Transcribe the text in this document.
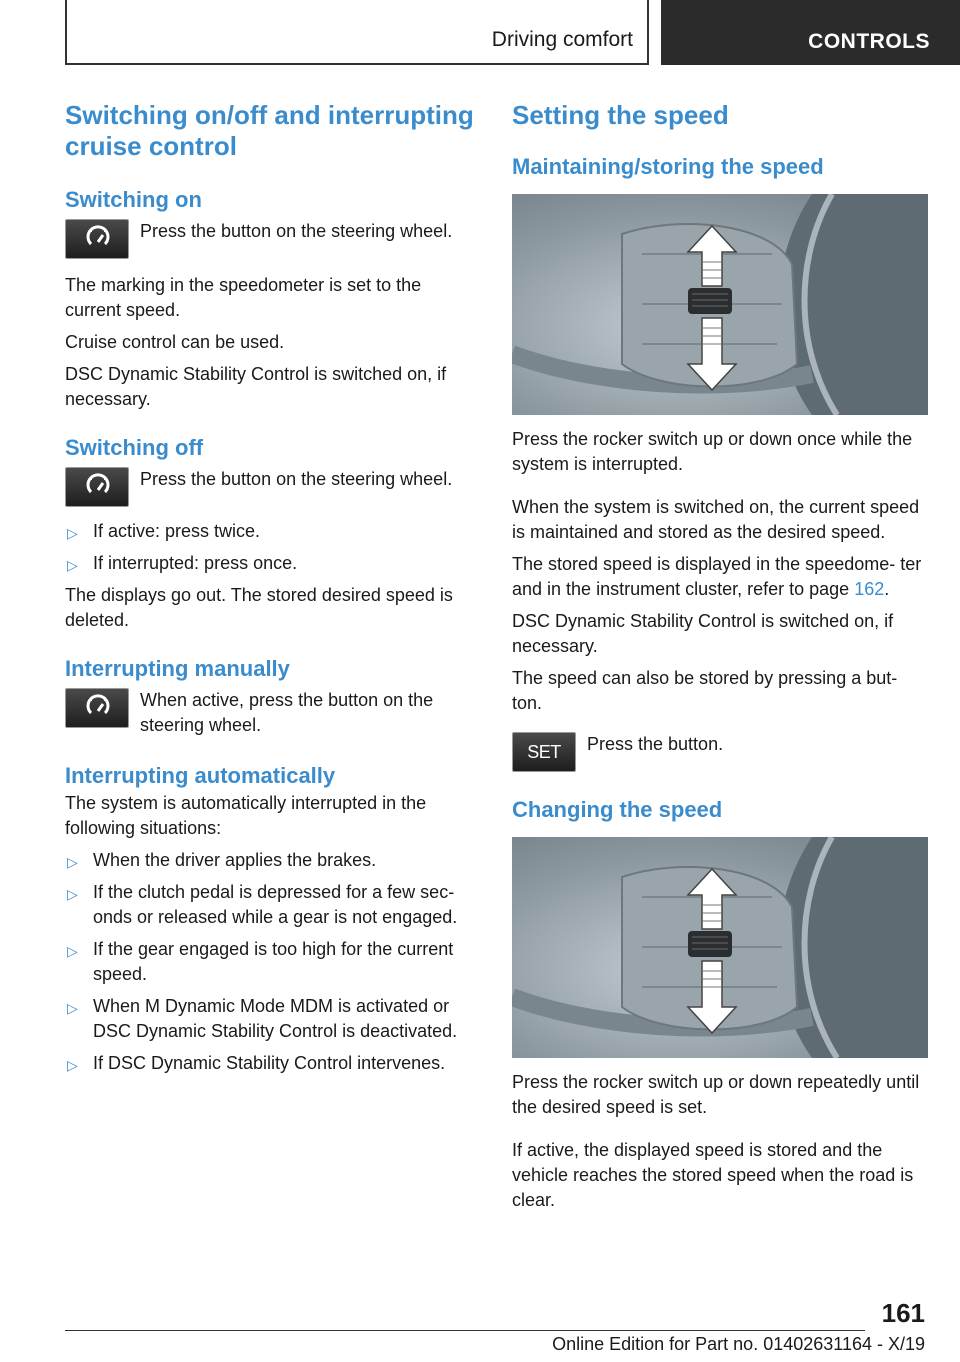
Driving comfort	CONTROLS
Switching on/off and interrupting cruise control
Switching on
Press the button on the steering wheel.

The marking in the speedometer is set to the current speed.

Cruise control can be used.

DSC Dynamic Stability Control is switched on, if necessary.

Switching off
Press the button on the steering wheel.
▷ If active: press twice.
▷ If interrupted: press once.

The displays go out. The stored desired speed is deleted.

Interrupting manually
When active, press the button on the steering wheel.
Interrupting automatically

The system is automatically interrupted in the following situations:

▷ When the driver applies the brakes.
▷ If the clutch pedal is depressed for a few sec‐ onds or released while a gear is not engaged.
▷ If the gear engaged is too high for the current speed.
▷ When M Dynamic Mode MDM is activated or DSC Dynamic Stability Control is deactivated.
▷ If DSC Dynamic Stability Control intervenes.
Setting the speed
Maintaining/storing the speed

Press the rocker switch up or down once while the system is interrupted.

When the system is switched on, the current speed is maintained and stored as the desired speed.

The stored speed is displayed in the speedome‐ ter and in the instrument cluster, refer to page 162.

DSC Dynamic Stability Control is switched on, if necessary.

The speed can also be stored by pressing a but‐ ton.

SET	Press the button.
Changing the speed

Press the rocker switch up or down repeatedly until the desired speed is set.

If active, the displayed speed is stored and the vehicle reaches the stored speed when the road is clear.

161
Online Edition for Part no. 01402631164 - X/19
